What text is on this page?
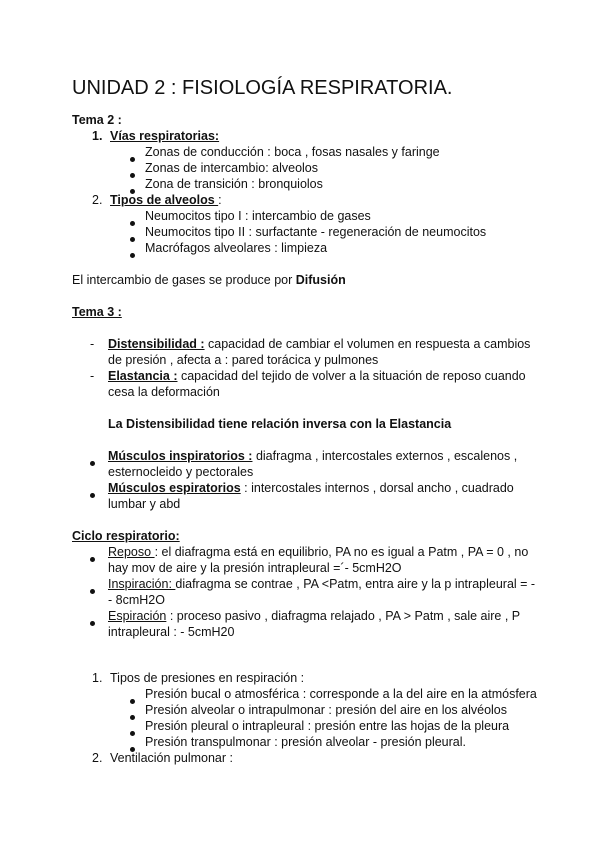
UNIDAD 2 : FISIOLOGÍA RESPIRATORIA.
Tema 2 :
1. Vías respiratorias:
Zonas de conducción : boca , fosas nasales y faringe
Zonas de intercambio: alveolos
Zona de transición : bronquiolos
2. Tipos de alveolos :
Neumocitos tipo I : intercambio de gases
Neumocitos tipo II : surfactante - regeneración de neumocitos
Macrófagos alveolares : limpieza
El intercambio de gases se produce por Difusión
Tema 3 :
- Distensibilidad : capacidad de cambiar el volumen en respuesta a cambios
de presión , afecta a : pared torácica y pulmones
- Elastancia : capacidad del tejido de volver a la situación de reposo cuando
cesa la deformación
La Distensibilidad tiene relación inversa con la Elastancia
Músculos inspiratorios : diafragma , intercostales externos , escalenos ,
esternocleido y pectorales
Músculos espiratorios : intercostales internos , dorsal ancho , cuadrado
lumbar y abd
Ciclo respiratorio:
Reposo : el diafragma está en equilibrio, PA no es igual a Patm , PA = 0 , no
hay mov de aire y la presión intrapleural =´- 5cmH2O
Inspiración: diafragma se contrae , PA <Patm, entra aire y la p intrapleural = -
- 8cmH2O
Espiración : proceso pasivo , diafragma relajado , PA > Patm , sale aire , P
intrapleural : - 5cmH20
1. Tipos de presiones en respiración :
Presión bucal o atmosférica : corresponde a la del aire en la atmósfera
Presión alveolar o intrapulmonar : presión del aire en los alvéolos
Presión pleural o intrapleural : presión entre las hojas de la pleura
Presión transpulmonar : presión alveolar - presión pleural.
2. Ventilación pulmonar :
